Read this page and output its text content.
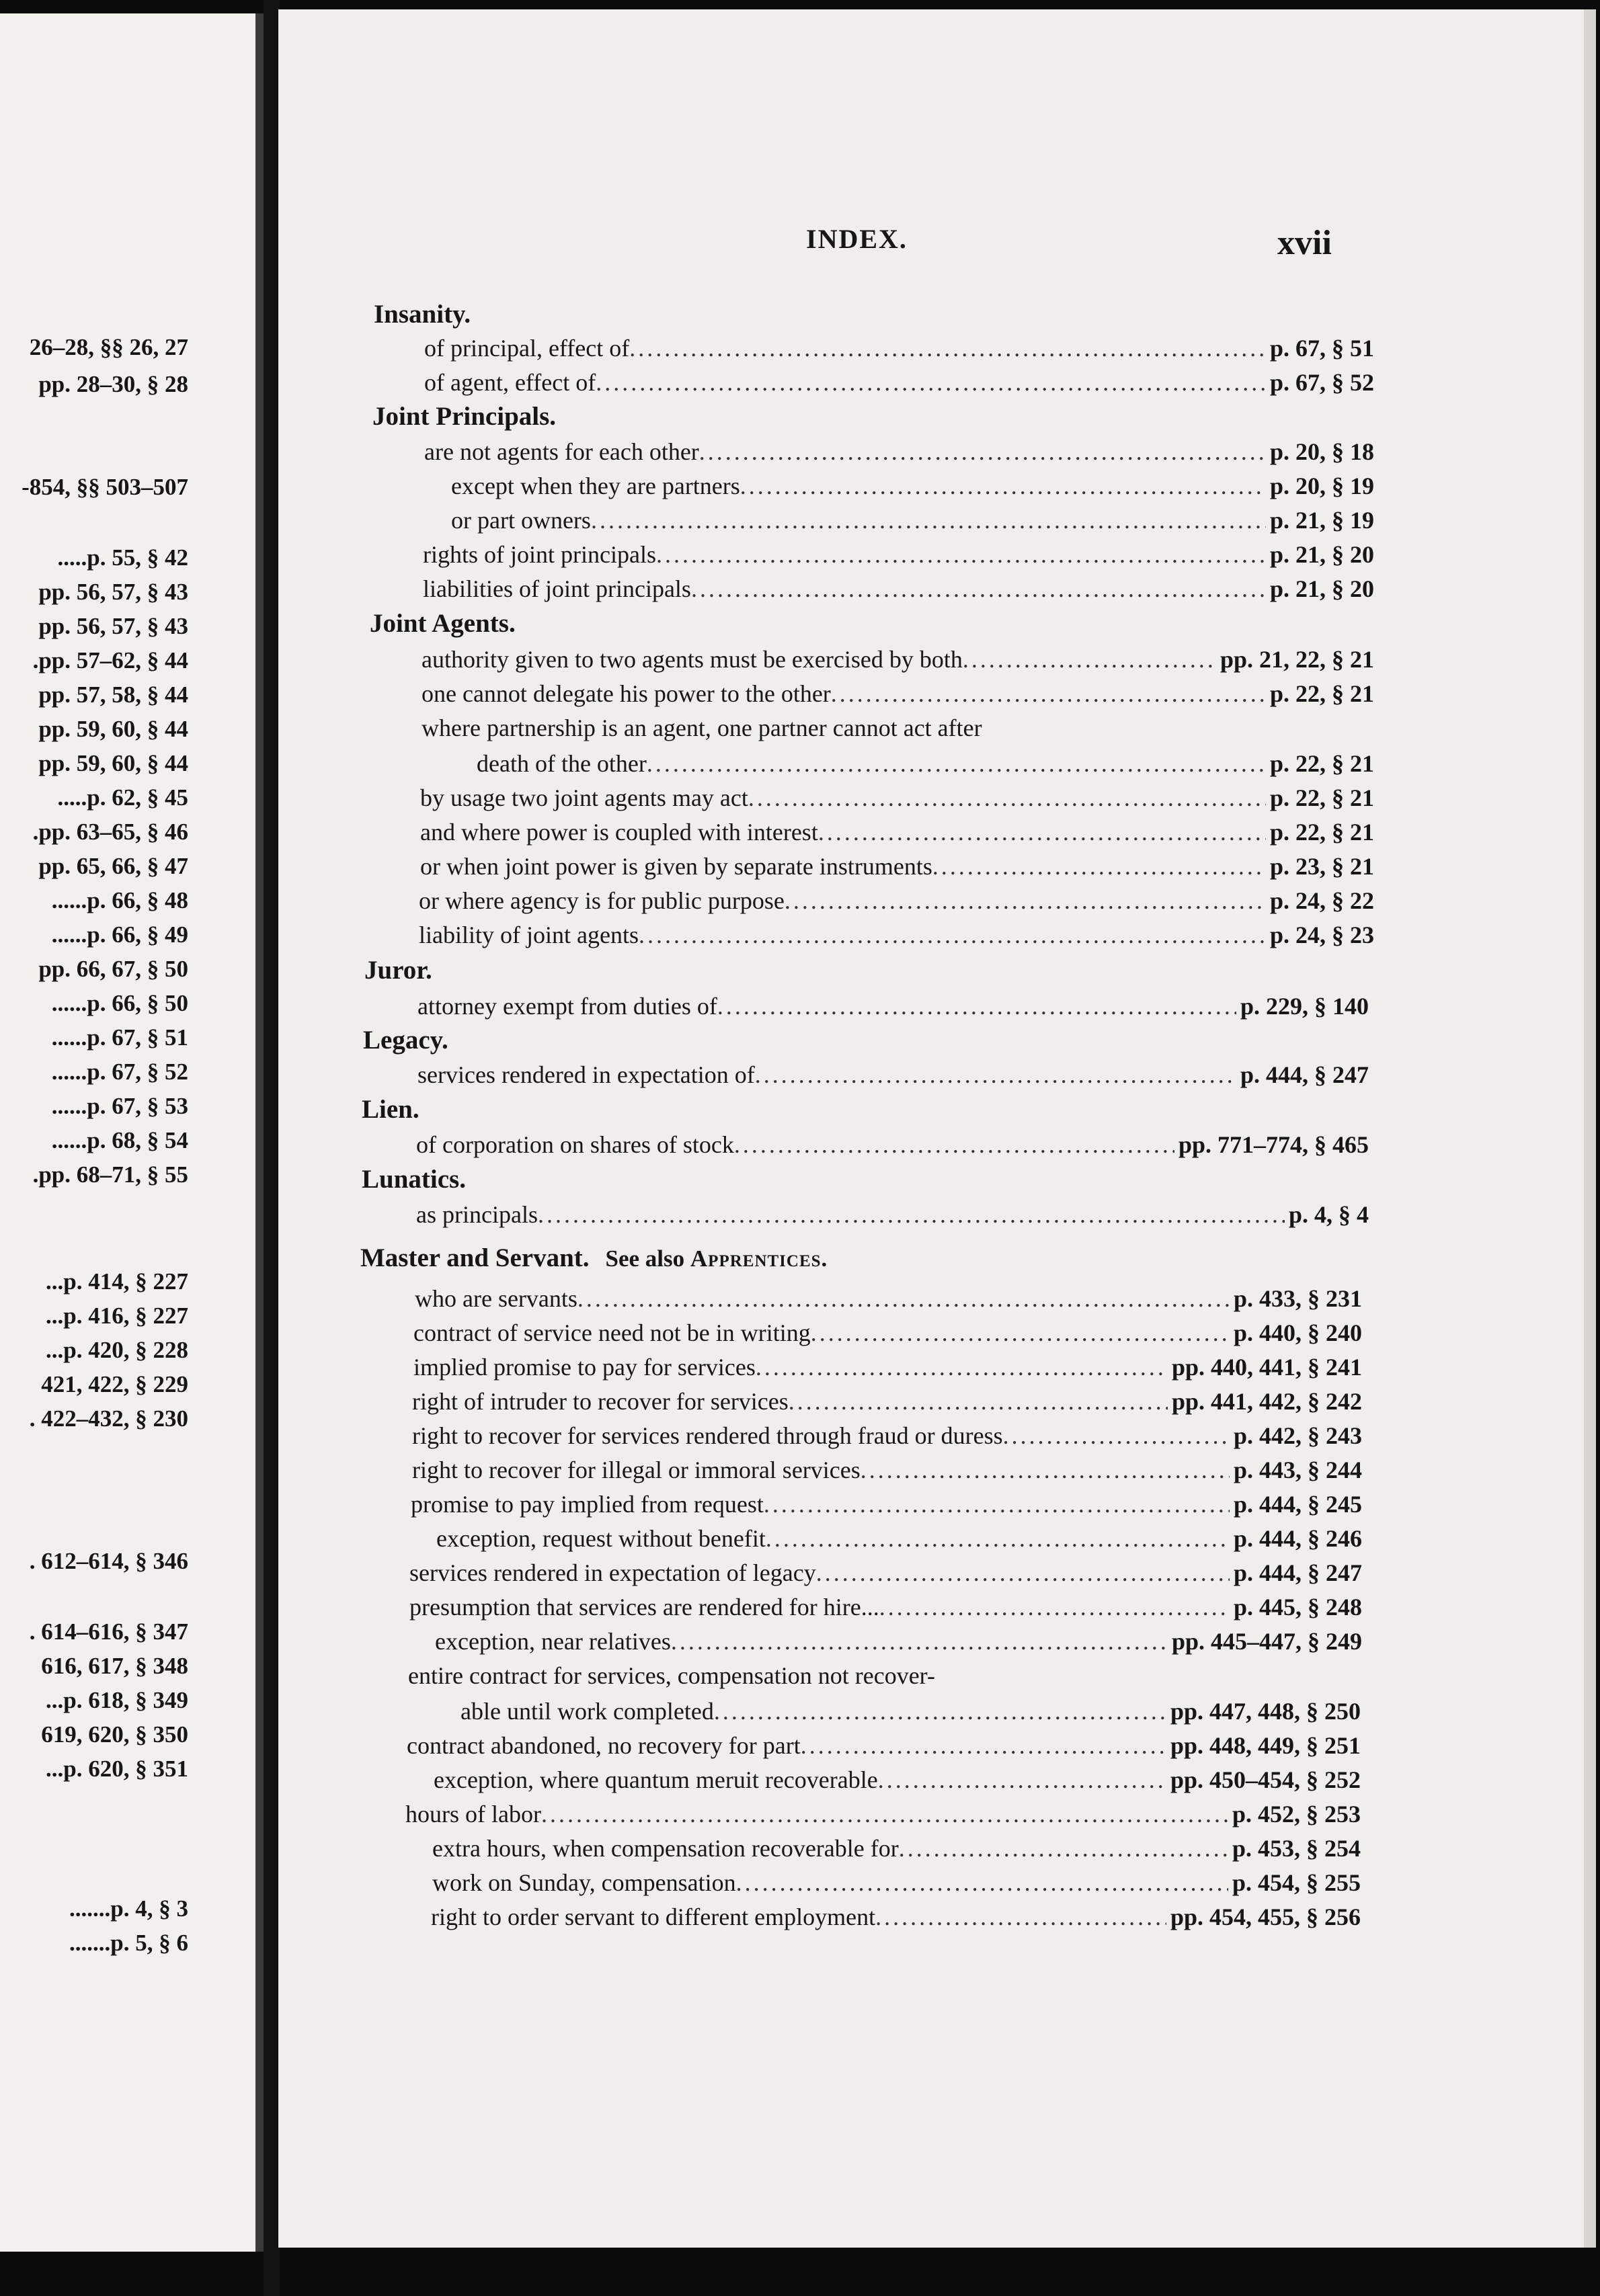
26–28, §§ 26, 27
pp. 28–30, § 28
-854, §§ 503–507
.....p. 55, § 42
pp. 56, 57, § 43
pp. 56, 57, § 43
.pp. 57–62, § 44
pp. 57, 58, § 44
pp. 59, 60, § 44
pp. 59, 60, § 44
.....p. 62, § 45
.pp. 63–65, § 46
pp. 65, 66, § 47
......p. 66, § 48
......p. 66, § 49
pp. 66, 67, § 50
......p. 66, § 50
......p. 67, § 51
......p. 67, § 52
......p. 67, § 53
......p. 68, § 54
.pp. 68–71, § 55
...p. 414, § 227
...p. 416, § 227
...p. 420, § 228
421, 422, § 229
. 422–432, § 230
. 612–614, § 346
. 614–616, § 347
616, 617, § 348
...p. 618, § 349
619, 620, § 350
...p. 620, § 351
.......p. 4, § 3
.......p. 5, § 6
INDEX.	xvii
Insanity.
of principal, effect of .....	p. 67, § 51
of agent, effect of .....	p. 67, § 52
Joint Principals.
are not agents for each other .....	p. 20, § 18
except when they are partners .....	p. 20, § 19
or part owners .....	p. 21, § 19
rights of joint principals .....	p. 21, § 20
liabilities of joint principals .....	p. 21, § 20
Joint Agents.
authority given to two agents must be exercised by both .....	pp. 21, 22, § 21
one cannot delegate his power to the other .....	p. 22, § 21
where partnership is an agent, one partner cannot act after
death of the other .....	p. 22, § 21
by usage two joint agents may act .....	p. 22, § 21
and where power is coupled with interest .....	p. 22, § 21
or when joint power is given by separate instruments .....	p. 23, § 21
or where agency is for public purpose .....	p. 24, § 22
liability of joint agents .....	p. 24, § 23
Juror.
attorney exempt from duties of .....	p. 229, § 140
Legacy.
services rendered in expectation of .....	p. 444, § 247
Lien.
of corporation on shares of stock .....	pp. 771–774, § 465
Lunatics.
as principals .....	p. 4, § 4
Master and Servant. See also Apprentices.
who are servants .....	p. 433, § 231
contract of service need not be in writing .....	p. 440, § 240
implied promise to pay for services .....	pp. 440, 441, § 241
right of intruder to recover for services .....	pp. 441, 442, § 242
right to recover for services rendered through fraud or duress .....	p. 442, § 243
right to recover for illegal or immoral services .....	p. 443, § 244
promise to pay implied from request .....	p. 444, § 245
exception, request without benefit .....	p. 444, § 246
services rendered in expectation of legacy .....	p. 444, § 247
presumption that services are rendered for hire... .....	p. 445, § 248
exception, near relatives .....	pp. 445–447, § 249
entire contract for services, compensation not recover-
able until work completed .....	pp. 447, 448, § 250
contract abandoned, no recovery for part .....	pp. 448, 449, § 251
exception, where quantum meruit recoverable .....	pp. 450–454, § 252
hours of labor .....	p. 452, § 253
extra hours, when compensation recoverable for .....	p. 453, § 254
work on Sunday, compensation .....	p. 454, § 255
right to order servant to different employment .....	pp. 454, 455, § 256
